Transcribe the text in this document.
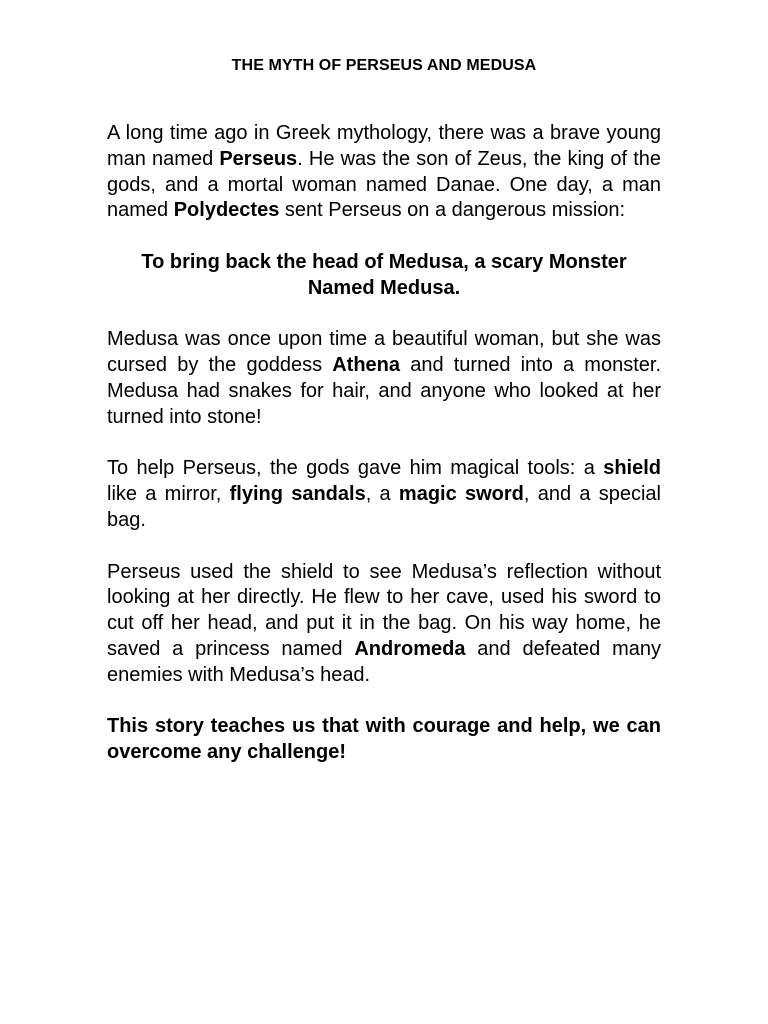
THE MYTH OF PERSEUS AND MEDUSA

A long time ago in Greek mythology, there was a brave young man named Perseus. He was the son of Zeus, the king of the gods, and a mortal woman named Danae. One day, a man named Polydectes sent Perseus on a dangerous mission:

To bring back the head of Medusa, a scary Monster Named Medusa.

Medusa was once upon time a beautiful woman, but she was cursed by the goddess Athena and turned into a monster. Medusa had snakes for hair, and anyone who looked at her turned into stone!

To help Perseus, the gods gave him magical tools: a shield like a mirror, flying sandals, a magic sword, and a special bag.

Perseus used the shield to see Medusa’s reflection without looking at her directly. He flew to her cave, used his sword to cut off her head, and put it in the bag. On his way home, he saved a princess named Andromeda and defeated many enemies with Medusa’s head.

This story teaches us that with courage and help, we can overcome any challenge!
